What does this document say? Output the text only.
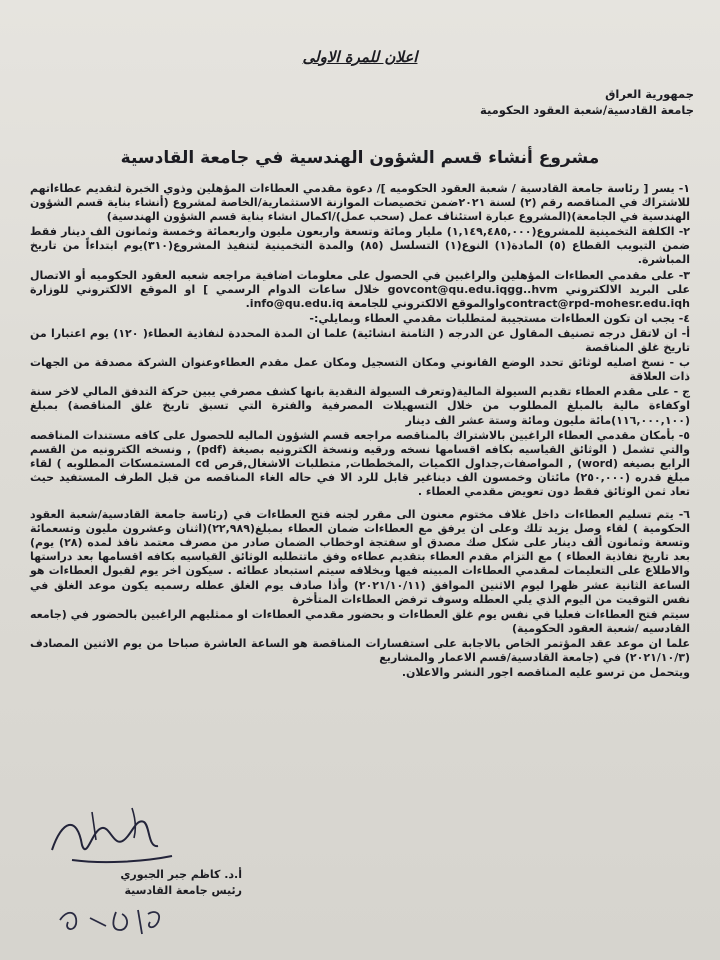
اعلان للمرة الاولى

جمهورية العراق

جامعة القادسية/شعبة العقود الحكومية

مشروع أنشاء قسم الشؤون الهندسية في جامعة القادسية

١- يسر [ رئاسة جامعة القادسية / شعبة العقود الحكوميه ]/ دعوة مقدمي العطاءات المؤهلين وذوي الخبرة لتقديم عطاءاتهم للاشتراك في المناقصه رقم (٢) لسنة ٢٠٢١ضمن تخصيصات الموازنة الاستثمارية/الخاصة لمشروع (أنشاء بناية قسم الشؤون الهندسية في الجامعة)(المشروع عبارة استئناف عمل (سحب عمل)/اكمال انشاء بناية قسم الشؤون الهندسية)

٢- الكلفة التخمينية للمشروع(١,١٤٩,٤٨٥,٠٠٠) مليار ومائة وتسعة واربعون مليون واربعمائة وخمسة وثمانون الف دينار فقط ضمن التبويب القطاع (٥) المادة(١) النوع(١) التسلسل (٨٥) والمدة التخمينية لتنفيذ المشروع(٣١٠)يوم ابتداءاً من تاريخ المباشرة.

٣- على مقدمي العطاءات المؤهلين والراغبين في الحصول على معلومات اضافية مراجعه شعبه العقود الحكوميه أو الاتصال على البريد الالكتروني govcont@qu.edu.iqgg..hvm خلال ساعات الدوام الرسمي ] او الموقع الالكتروني للوزارة contract@rpd-mohesr.edu.iqhواوالموقع الالكتروني للجامعة info@qu.edu.iq.

٤- يجب ان تكون العطاءات مستجيبة لمتطلبات مقدمي العطاء وبمايلي:-

أ- ان لاتقل درجه تصنيف المقاول عن الدرجه ( الثامنة انشائية) علما ان المدة المحددة لنفاذية العطاء( ١٢٠) يوم اعتبارا من تاريخ غلق المناقصة

ب - نسخ اصليه لوثائق تحدد الوضع القانوني ومكان التسجيل ومكان عمل مقدم العطاءوعنوان الشركة مصدقة من الجهات ذات العلاقة

ج - على مقدم العطاء تقديم السيولة المالية(وتعرف السيولة النقدية بانها كشف مصرفي يبين حركة التدفق المالي لاخر سنة اوكفاءة مالية بالمبلغ المطلوب من خلال التسهيلات المصرفية والفترة التي تسبق تاريخ غلق المناقصة) بمبلغ (١١٦,٠٠٠,١٠٠)مائة مليون ومائة وستة عشر الف دينار

٥- بأمكان مقدمي العطاء الراغبين بالاشتراك بالمناقصه مراجعه قسم الشؤون الماليه للحصول على كافه مستندات المناقصه والتي تشمل ( الوثائق القياسيه بكافه اقسامها نسخه ورقيه ونسخة الكترونيه بصيغة (pdf) , ونسخه الكترونيه من القسم الرابع بصيغه (word) , المواصفات,جداول الكميات ,المخططات, متطلبات الاشغال,قرص cd المستمسكات المطلوبه ) لقاء مبلغ قدره (٢٥٠,٠٠٠) مائتان وخمسون الف ديناغير قابل للرد الا في حاله الغاء المناقصه من قبل الطرف المستفيد حيث تعاد ثمن الوثائق فقط دون تعويض مقدمي العطاء .

٦- يتم تسليم العطاءات داخل غلاف مختوم معنون الى مقرر لجنه فتح العطاءات في (رئاسة جامعة القادسية/شعبة العقود الحكومية ) لقاء وصل يزيد تلك وعلى ان يرفق مع العطاءات ضمان العطاء بمبلغ(٢٢,٩٨٩)(اثنان وعشرون مليون وتسعمائة وتسعة وثمانون ألف دينار على شكل صك مصدق او سفتجة اوخطاب الضمان صادر من مصرف معتمد نافذ لمده (٢٨) يوم) بعد تاريخ نفاذية العطاء ) مع التزام مقدم العطاء بتقديم عطاءه وفق ماتتطلبه الوثائق القياسيه بكافه اقسامها بعد دراستها والاطلاع على التعليمات لمقدمي العطاءات المبينه فيها وبخلافه سيتم استبعاد عطائه . سيكون اخر يوم لقبول العطاءات هو الساعة الثانية عشر ظهرا ليوم الاثنين الموافق (٢٠٢١/١٠/١١) وأذا صادف يوم الغلق عطله رسميه يكون موعد الغلق في نفس التوقيت من اليوم الذي يلي العطله وسوف ترفض العطاءات المتأخرة

سيتم فتح العطاءات فعليا في نفس يوم غلق العطاءات و بحضور مقدمي العطاءات او ممثليهم الراغبين بالحضور في (جامعه القادسيه /شعبة العقود الحكومية)

علما ان موعد عقد المؤتمر الخاص بالاجابة على استفسارات المناقصة هو الساعة العاشرة صباحا من يوم الاثنين المصادف (٢٠٢١/١٠/٣) في (جامعة القادسية/قسم الاعمار والمشاريع

ويتحمل من ترسو عليه المناقصه اجور النشر والاعلان.

أ.د. كاظم جبر الجبوري
رئيس جامعة القادسية
